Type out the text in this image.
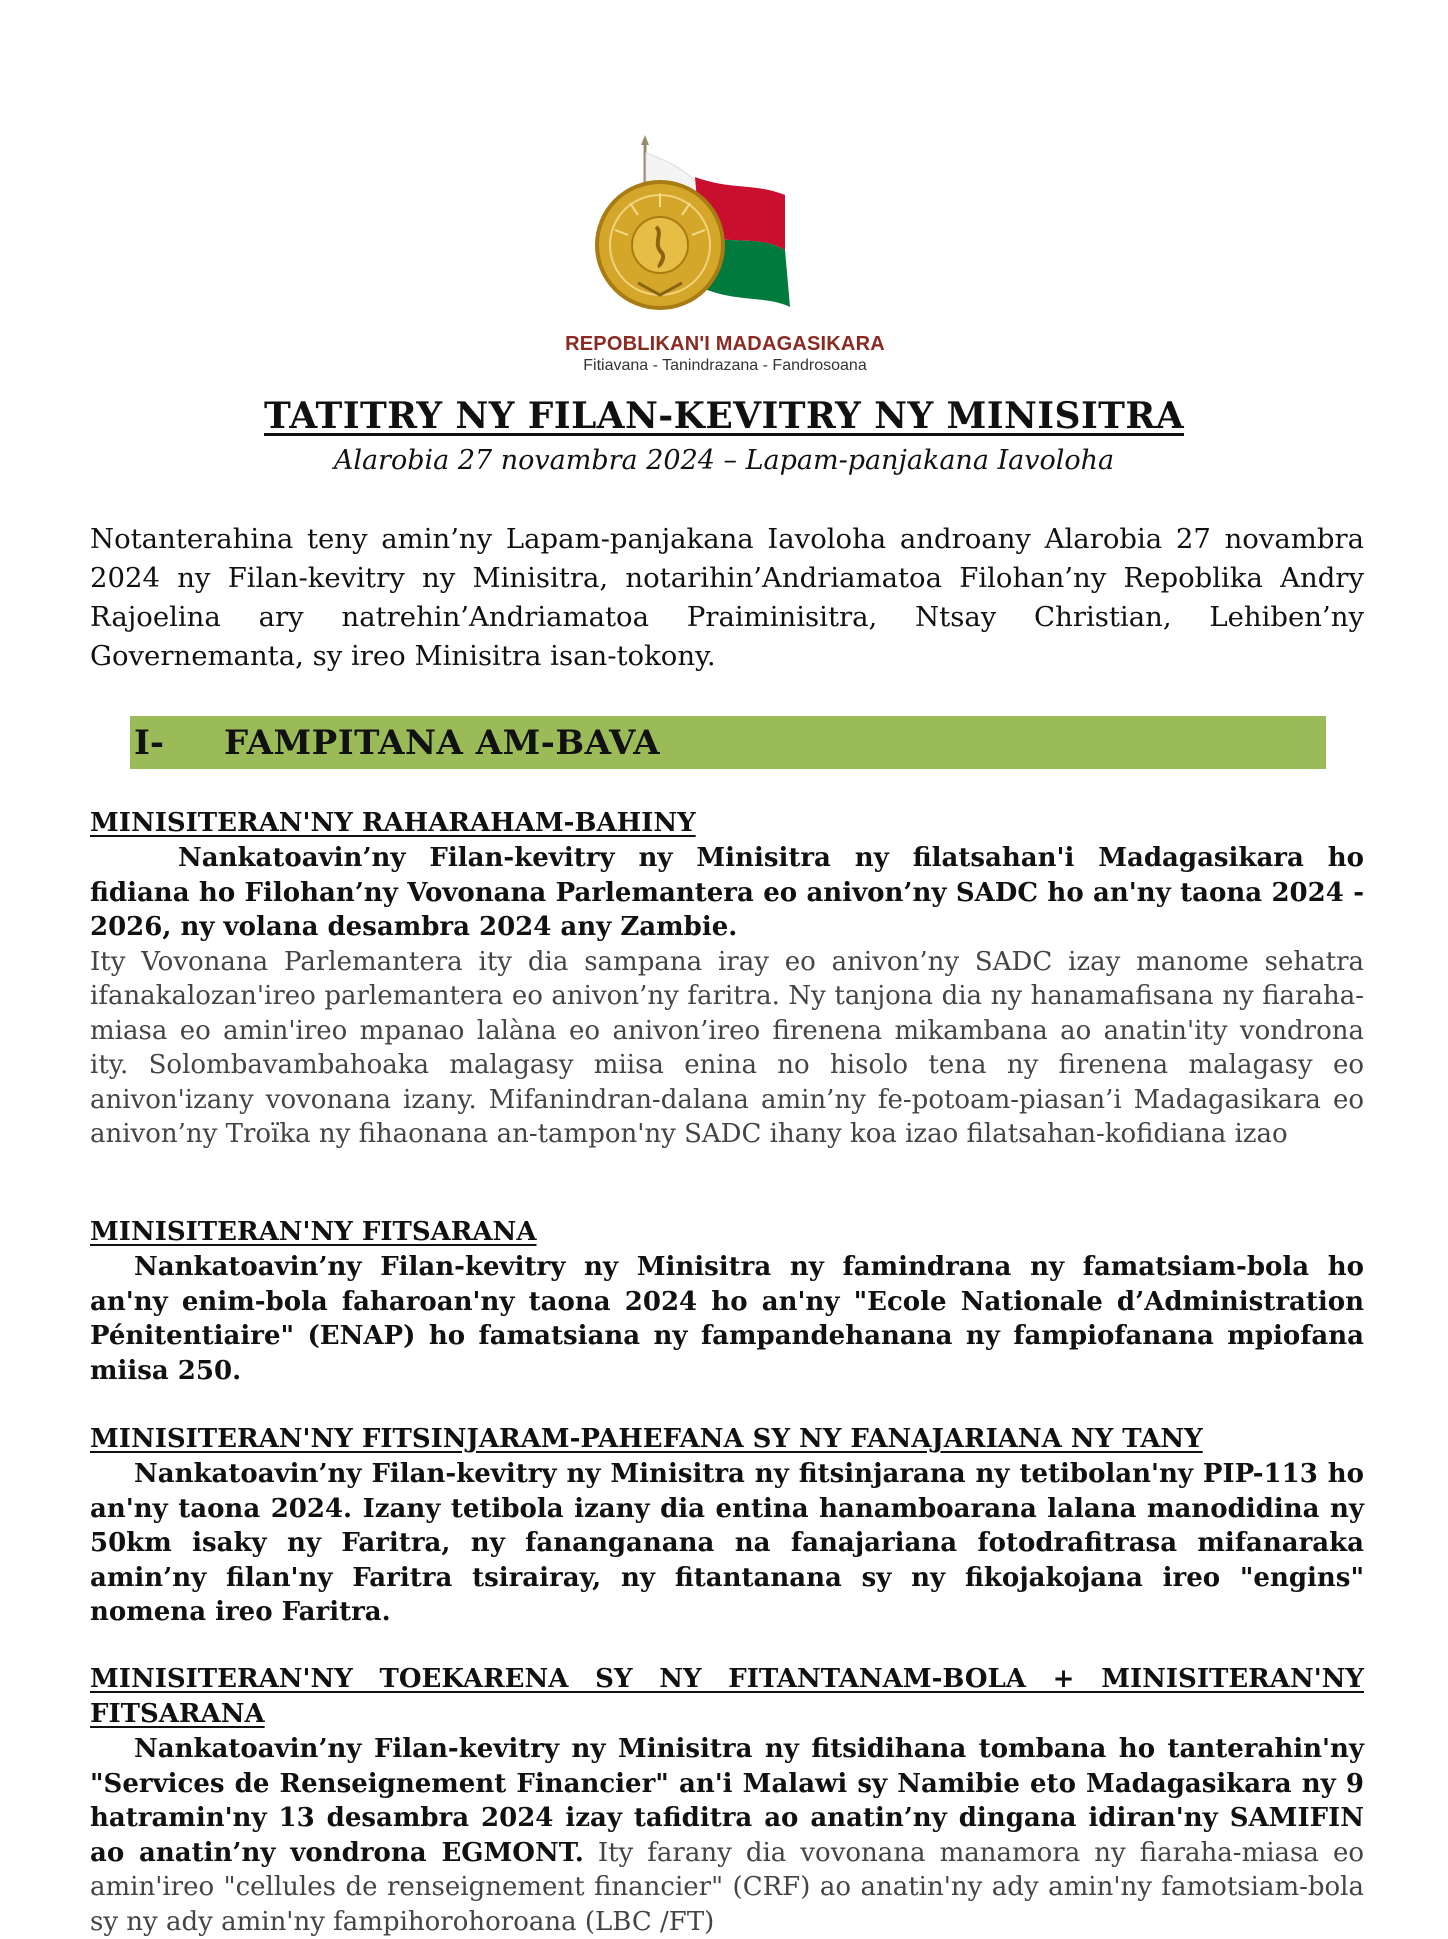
REPOBLIKAN'I MADAGASIKARA
Fitiavana - Tanindrazana - Fandrosoana
TATITRY NY FILAN-KEVITRY NY MINISITRA
Alarobia 27 novambra 2024 – Lapam-panjakana Iavoloha
Notanterahina teny amin’ny Lapam-panjakana Iavoloha androany Alarobia 27 novambra 2024 ny Filan-kevitry ny Minisitra, notarihin’Andriamatoa Filohan’ny Repoblika Andry Rajoelina ary natrehin’Andriamatoa Praiminisitra, Ntsay Christian, Lehiben’ny Governemanta, sy ireo Minisitra isan-tokony.
I-	FAMPITANA AM-BAVA
MINISITERAN'NY RAHARAHAM-BAHINY
Nankatoavin’ny Filan-kevitry ny Minisitra ny filatsahan'i Madagasikara ho fidiana ho Filohan’ny Vovonana Parlemantera eo anivon’ny SADC ho an'ny taona 2024 - 2026, ny volana desambra 2024 any Zambie.
Ity Vovonana Parlemantera ity dia sampana iray eo anivon’ny SADC izay manome sehatra ifanakalozan'ireo parlemantera eo anivon’ny faritra. Ny tanjona dia ny hanamafisana ny fiaraha-miasa eo amin'ireo mpanao lalàna eo anivon’ireo firenena mikambana ao anatin'ity vondrona ity. Solombavambahoaka malagasy miisa enina no hisolo tena ny firenena malagasy eo anivon'izany vovonana izany. Mifanindran-dalana amin’ny fe-potoam-piasan’i Madagasikara eo anivon’ny Troïka ny fihaonana an-tampon'ny SADC ihany koa izao filatsahan-kofidiana izao
MINISITERAN'NY FITSARANA
Nankatoavin’ny Filan-kevitry ny Minisitra ny famindrana ny famatsiam-bola ho an'ny enim-bola faharoan'ny taona 2024 ho an'ny "Ecole Nationale d’Administration Pénitentiaire" (ENAP) ho famatsiana ny fampandehanana ny fampiofanana mpiofana miisa 250.
MINISITERAN'NY FITSINJARAM-PAHEFANA SY NY FANAJARIANA NY TANY
Nankatoavin’ny Filan-kevitry ny Minisitra ny fitsinjarana ny tetibolan'ny PIP-113 ho an'ny taona 2024. Izany tetibola izany dia entina hanamboarana lalana manodidina ny 50km isaky ny Faritra, ny fananganana na fanajariana fotodrafitrasa mifanaraka amin’ny filan'ny Faritra tsirairay, ny fitantanana sy ny fikojakojana ireo "engins" nomena ireo Faritra.
MINISITERAN'NY TOEKARENA SY NY FITANTANAM-BOLA + MINISITERAN'NY
FITSARANA
Nankatoavin’ny Filan-kevitry ny Minisitra ny fitsidihana tombana ho tanterahin'ny "Services de Renseignement Financier" an'i Malawi sy Namibie eto Madagasikara ny 9 hatramin'ny 13 desambra 2024 izay tafiditra ao anatin’ny dingana idiran'ny SAMIFIN ao anatin’ny vondrona EGMONT. Ity farany dia vovonana manamora ny fiaraha-miasa eo amin'ireo "cellules de renseignement financier" (CRF) ao anatin'ny ady amin'ny famotsiam-bola sy ny ady amin'ny fampihorohoroana (LBC /FT)
